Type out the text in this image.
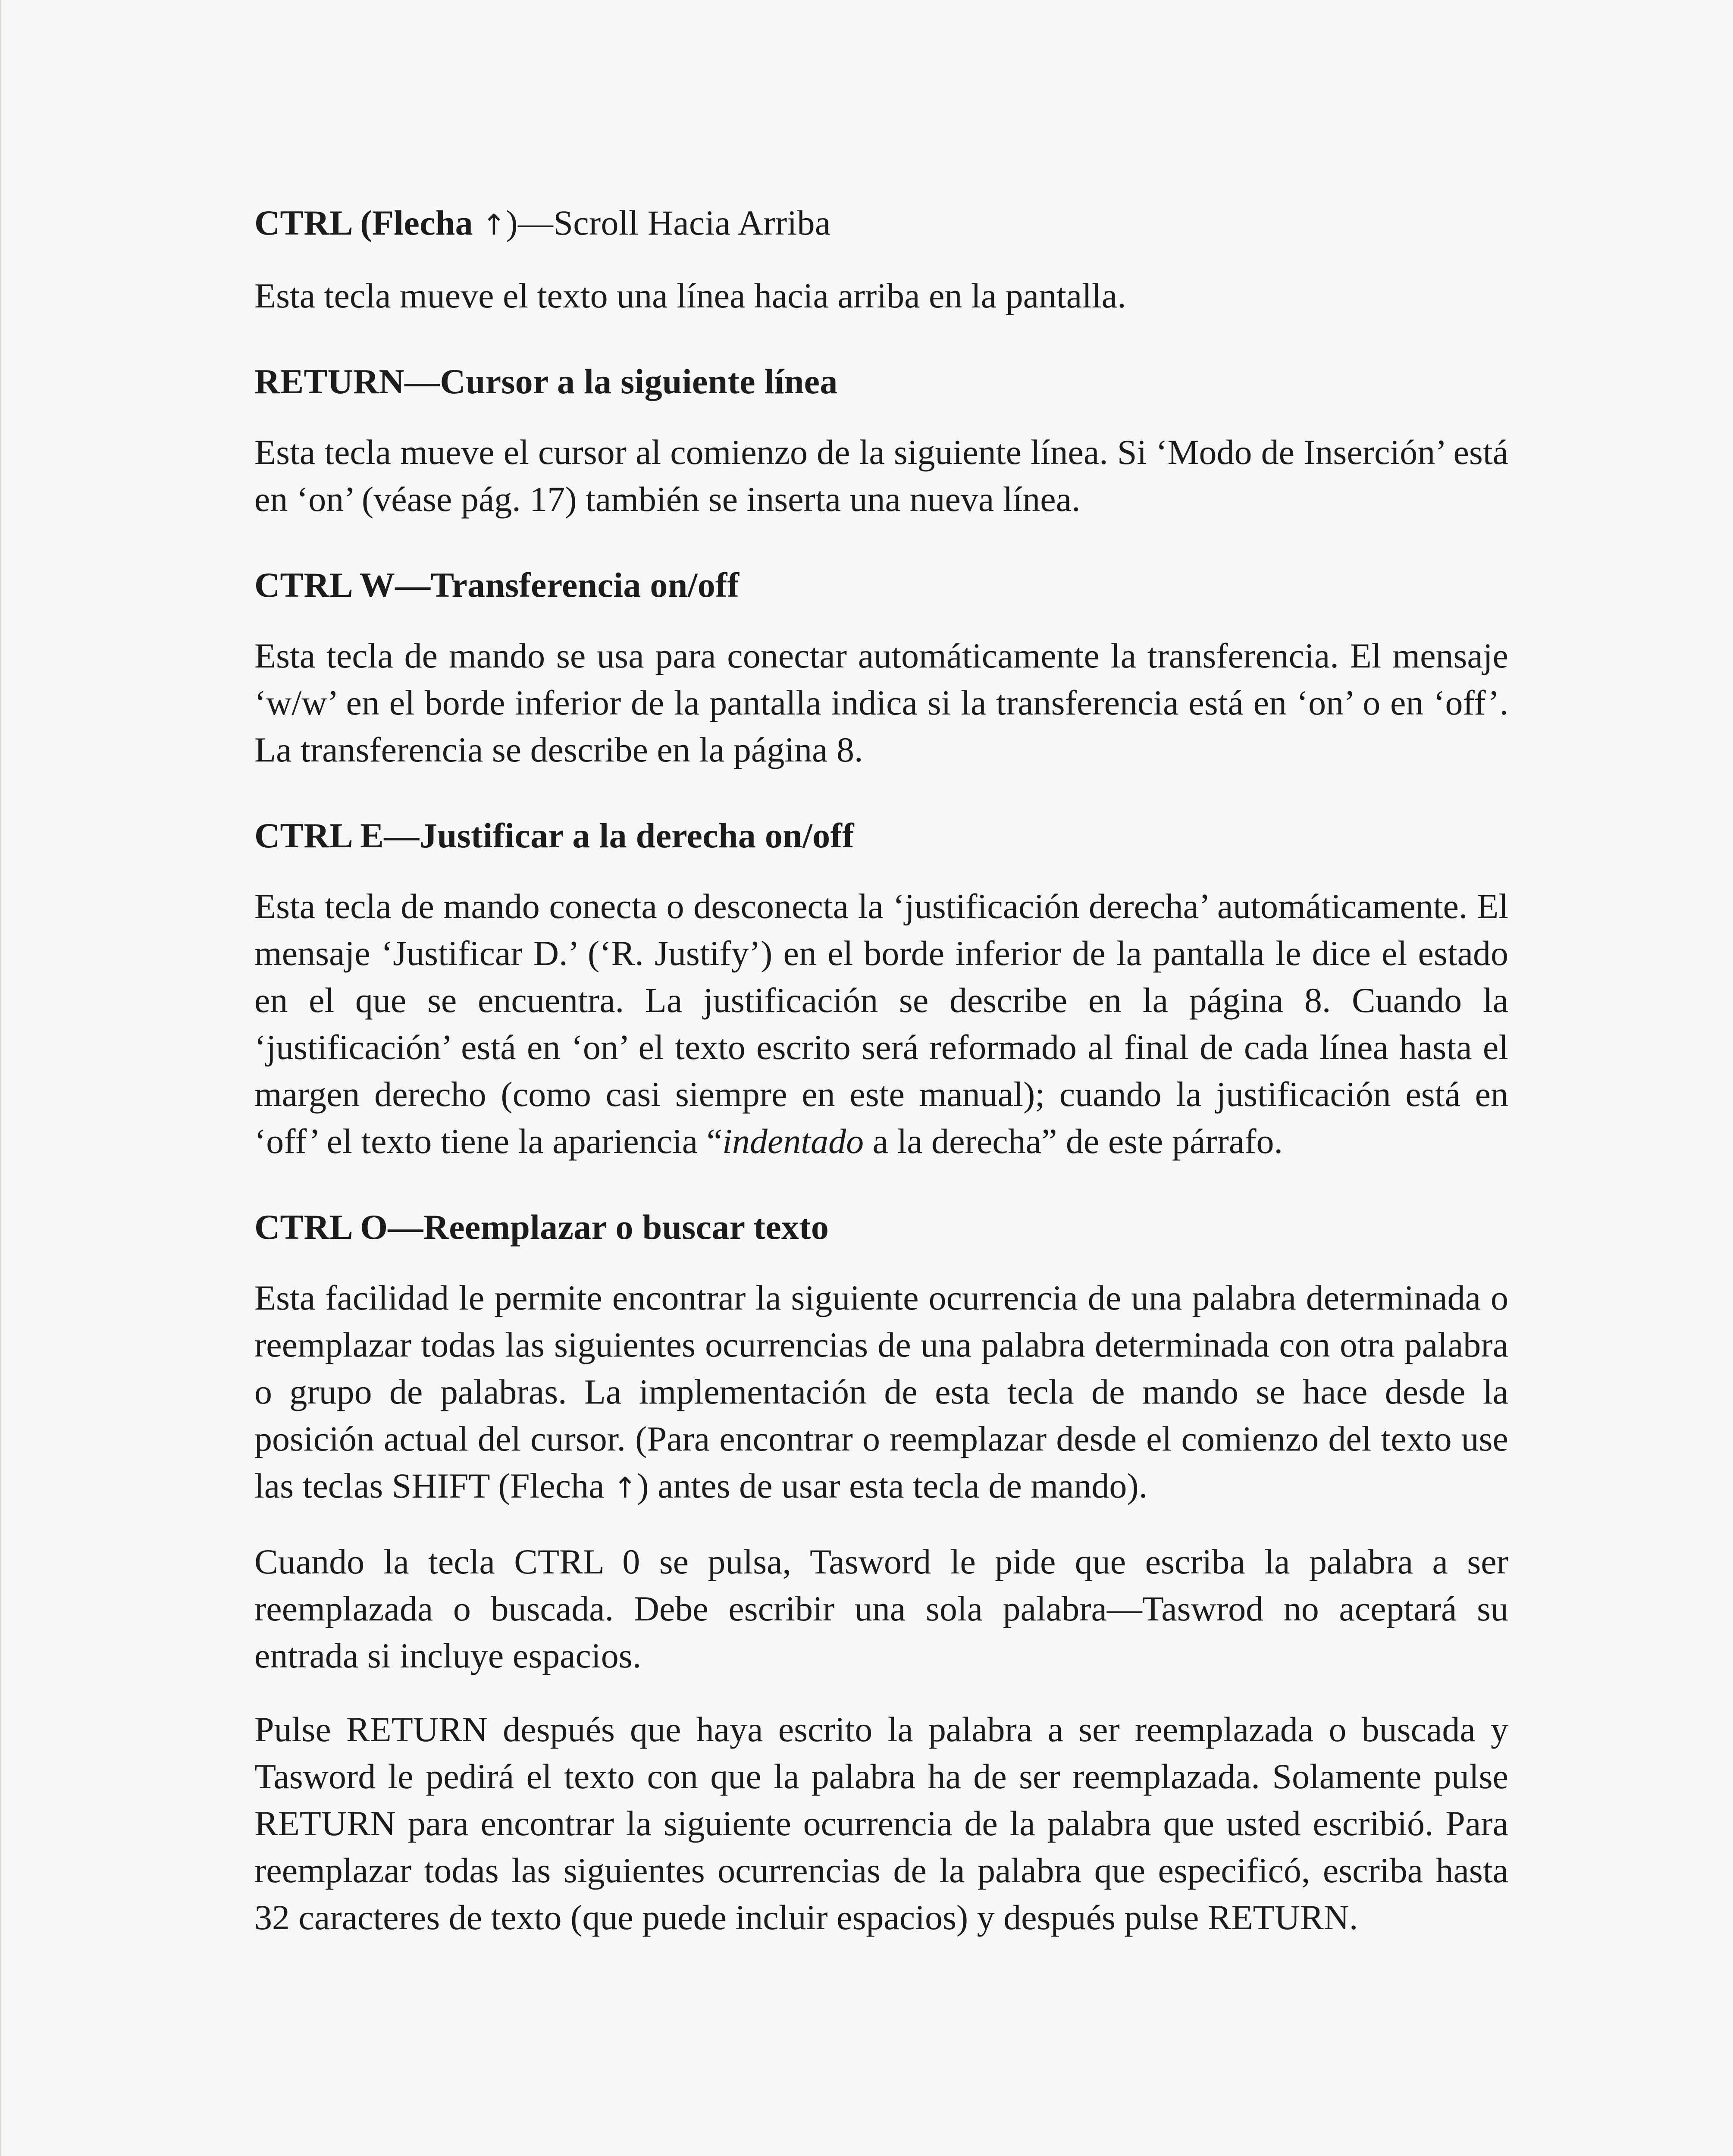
CTRL (Flecha ↑)—Scroll Hacia Arriba

Esta tecla mueve el texto una línea hacia arriba en la pantalla.

RETURN—Cursor a la siguiente línea

Esta tecla mueve el cursor al comienzo de la siguiente línea. Si ‘Modo de Inserción’ está en ‘on’ (véase pág. 17) también se inserta una nueva línea.

CTRL W—Transferencia on/off

Esta tecla de mando se usa para conectar automáticamente la transferencia. El mensaje ‘w/w’ en el borde inferior de la pantalla indica si la transferencia está en ‘on’ o en ‘off’. La transferencia se describe en la página 8.

CTRL E—Justificar a la derecha on/off

Esta tecla de mando conecta o desconecta la ‘justificación derecha’ automáticamente. El mensaje ‘Justificar D.’ (‘R. Justify’) en el borde inferior de la pantalla le dice el estado en el que se encuentra. La justificación se describe en la página 8. Cuando la ‘justificación’ está en ‘on’ el texto escrito será reformado al final de cada línea hasta el margen derecho (como casi siempre en este manual); cuando la justificación está en ‘off’ el texto tiene la apariencia “indentado a la derecha” de este párrafo.

CTRL O—Reemplazar o buscar texto

Esta facilidad le permite encontrar la siguiente ocurrencia de una palabra determinada o reemplazar todas las siguientes ocurrencias de una palabra determinada con otra palabra o grupo de palabras. La implementación de esta tecla de mando se hace desde la posición actual del cursor. (Para encontrar o reemplazar desde el comienzo del texto use las teclas SHIFT (Flecha ↑) antes de usar esta tecla de mando).

Cuando la tecla CTRL 0 se pulsa, Tasword le pide que escriba la palabra a ser reemplazada o buscada. Debe escribir una sola palabra—Taswrod no aceptará su entrada si incluye espacios.

Pulse RETURN después que haya escrito la palabra a ser reemplazada o buscada y Tasword le pedirá el texto con que la palabra ha de ser reemplazada. Solamente pulse RETURN para encontrar la siguiente ocurrencia de la palabra que usted escribió. Para reemplazar todas las siguientes ocurrencias de la palabra que especificó, escriba hasta 32 caracteres de texto (que puede incluir espacios) y después pulse RETURN.
